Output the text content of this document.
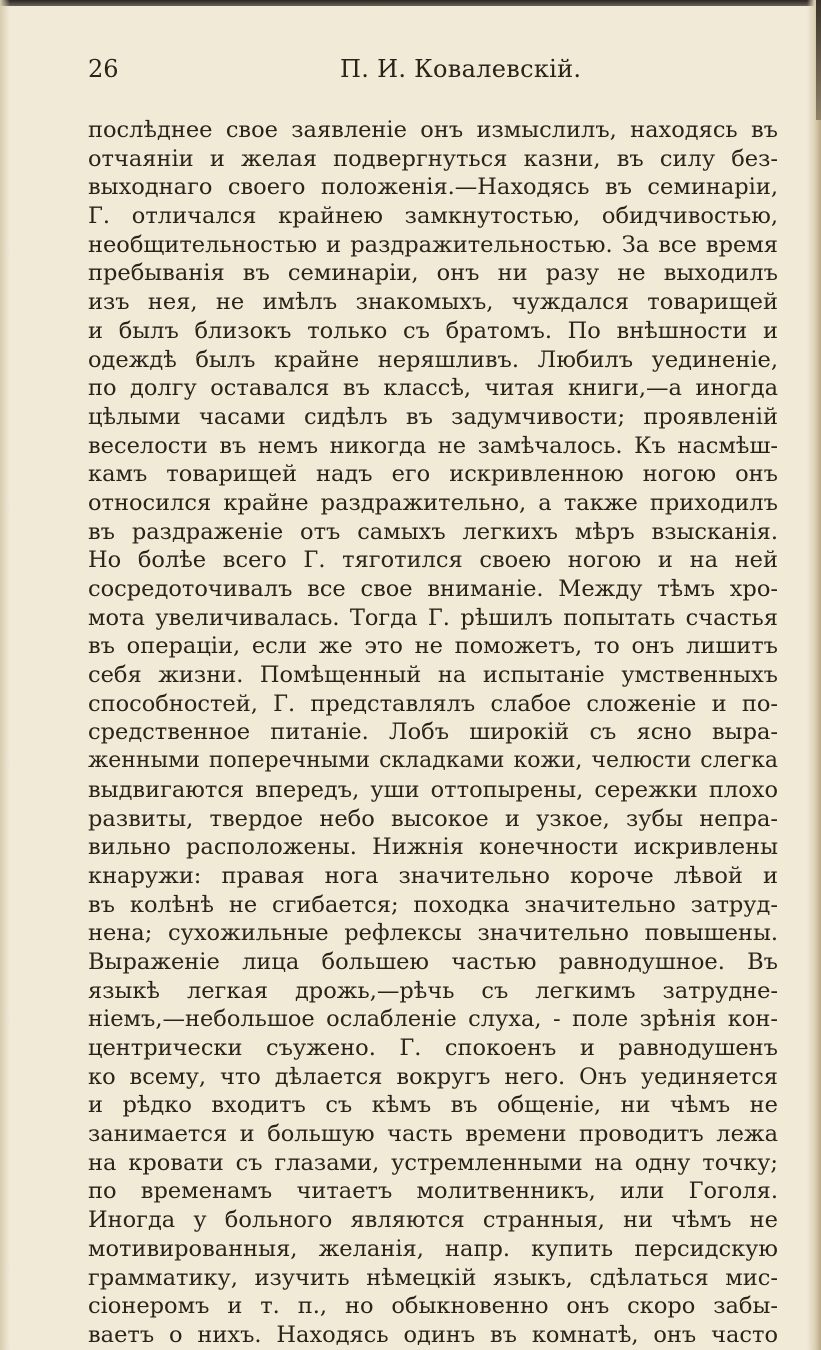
26	П. И. Ковалевскій.
послѣднее свое заявленіе онъ измыслилъ, находясь въ
отчаяніи и желая подвергнуться казни, въ силу без-
выходнаго своего положенія.—Находясь въ семинаріи,
Г. отличался крайнею замкнутостью, обидчивостью,
необщительностью и раздражительностью. За все время
пребыванія въ семинаріи, онъ ни разу не выходилъ
изъ нея, не имѣлъ знакомыхъ, чуждался товарищей
и былъ близокъ только съ братомъ. По внѣшности и
одеждѣ былъ крайне неряшливъ. Любилъ уединеніе,
по долгу оставался въ классѣ, читая книги,—а иногда
цѣлыми часами сидѣлъ въ задумчивости; проявленій
веселости въ немъ никогда не замѣчалось. Къ насмѣш-
камъ товарищей надъ его искривленною ногою онъ
относился крайне раздражительно, а также приходилъ
въ раздраженіе отъ самыхъ легкихъ мѣръ взысканія.
Но болѣе всего Г. тяготился своею ногою и на ней
сосредоточивалъ все свое вниманіе. Между тѣмъ хро-
мота увеличивалась. Тогда Г. рѣшилъ попытать счастья
въ операціи, если же это не поможетъ, то онъ лишитъ
себя жизни. Помѣщенный на испытаніе умственныхъ
способностей, Г. представлялъ слабое сложеніе и по-
средственное питаніе. Лобъ широкій съ ясно выра-
женными поперечными складками кожи, челюсти слегка
выдвигаются впередъ, уши оттопырены, сережки плохо
развиты, твердое небо высокое и узкое, зубы непра-
вильно расположены. Нижнія конечности искривлены
кнаружи: правая нога значительно короче лѣвой и
въ колѣнѣ не сгибается; походка значительно затруд-
нена; сухожильные рефлексы значительно повышены.
Выраженіе лица большею частью равнодушное. Въ
языкѣ легкая дрожь,—рѣчь съ легкимъ затрудне-
ніемъ,—небольшое ослабленіе слуха, - поле зрѣнія кон-
центрически съужено. Г. спокоенъ и равнодушенъ
ко всему, что дѣлается вокругъ него. Онъ уединяется
и рѣдко входитъ съ кѣмъ въ общеніе, ни чѣмъ не
занимается и большую часть времени проводитъ лежа
на кровати съ глазами, устремленными на одну точку;
по временамъ читаетъ молитвенникъ, или Гоголя.
Иногда у больного являются странныя, ни чѣмъ не
мотивированныя, желанія, напр. купить персидскую
грамматику, изучить нѣмецкій языкъ, сдѣлаться мис-
сіонеромъ и т. п., но обыкновенно онъ скоро забы-
ваетъ о нихъ. Находясь одинъ въ комнатѣ, онъ часто
